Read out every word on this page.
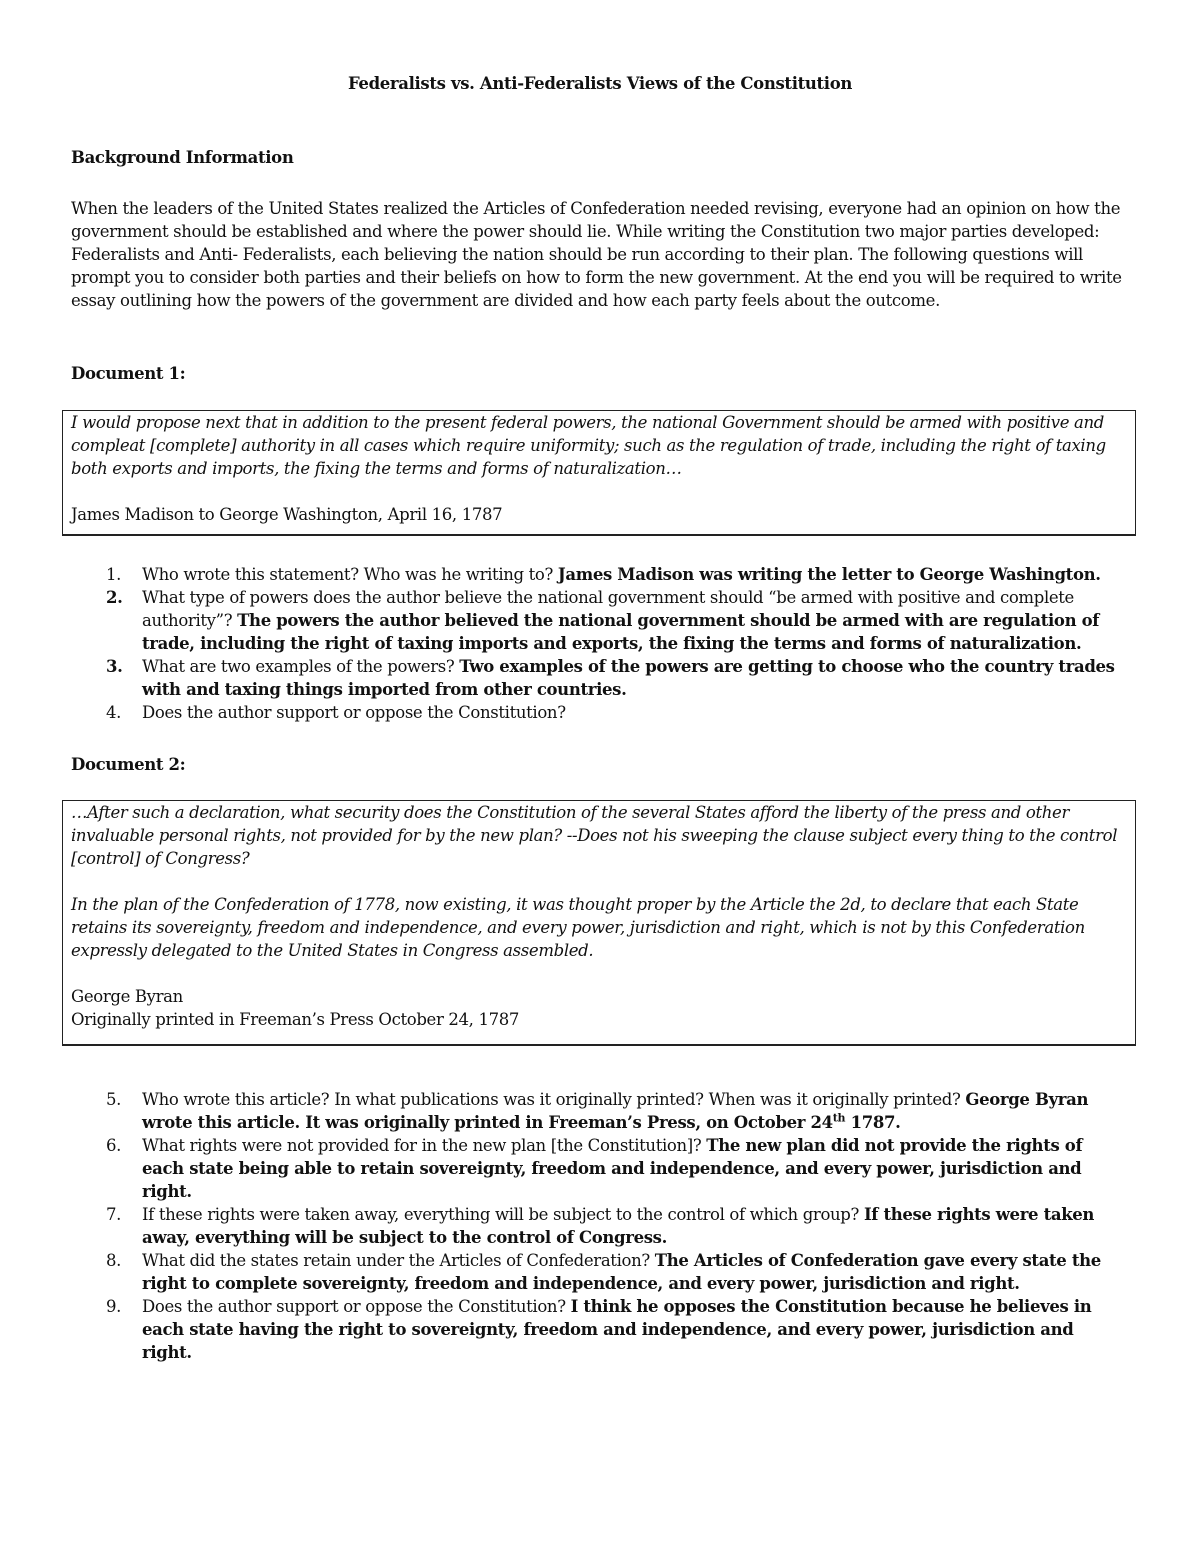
Federalists vs. Anti-Federalists Views of the Constitution

Background Information

When the leaders of the United States realized the Articles of Confederation needed revising, everyone had an opinion on how the government should be established and where the power should lie. While writing the Constitution two major parties developed: Federalists and Anti- Federalists, each believing the nation should be run according to their plan. The following questions will prompt you to consider both parties and their beliefs on how to form the new government. At the end you will be required to write essay outlining how the powers of the government are divided and how each party feels about the outcome.

Document 1:

I would propose next that in addition to the present federal powers, the national Government should be armed with positive and compleat [complete] authority in all cases which require uniformity; such as the regulation of trade, including the right of taxing both exports and imports, the fixing the terms and forms of naturalization…

James Madison to George Washington, April 16, 1787

1. Who wrote this statement? Who was he writing to? James Madison was writing the letter to George Washington.
2. What type of powers does the author believe the national government should “be armed with positive and complete authority”? The powers the author believed the national government should be armed with are regulation of trade, including the right of taxing imports and exports, the fixing the terms and forms of naturalization.
3. What are two examples of the powers? Two examples of the powers are getting to choose who the country trades with and taxing things imported from other countries.
4. Does the author support or oppose the Constitution?

Document 2:

…After such a declaration, what security does the Constitution of the several States afford the liberty of the press and other invaluable personal rights, not provided for by the new plan? --Does not his sweeping the clause subject every thing to the control [control] of Congress?

In the plan of the Confederation of 1778, now existing, it was thought proper by the Article the 2d, to declare that each State retains its sovereignty, freedom and independence, and every power, jurisdiction and right, which is not by this Confederation expressly delegated to the United States in Congress assembled.

George Byran

Originally printed in Freeman’s Press October 24, 1787

5. Who wrote this article? In what publications was it originally printed? When was it originally printed? George Byran wrote this article. It was originally printed in Freeman’s Press, on October 24th 1787.
6. What rights were not provided for in the new plan [the Constitution]? The new plan did not provide the rights of each state being able to retain sovereignty, freedom and independence, and every power, jurisdiction and right.
7. If these rights were taken away, everything will be subject to the control of which group? If these rights were taken away, everything will be subject to the control of Congress.
8. What did the states retain under the Articles of Confederation? The Articles of Confederation gave every state the right to complete sovereignty, freedom and independence, and every power, jurisdiction and right.
9. Does the author support or oppose the Constitution? I think he opposes the Constitution because he believes in each state having the right to sovereignty, freedom and independence, and every power, jurisdiction and right.
